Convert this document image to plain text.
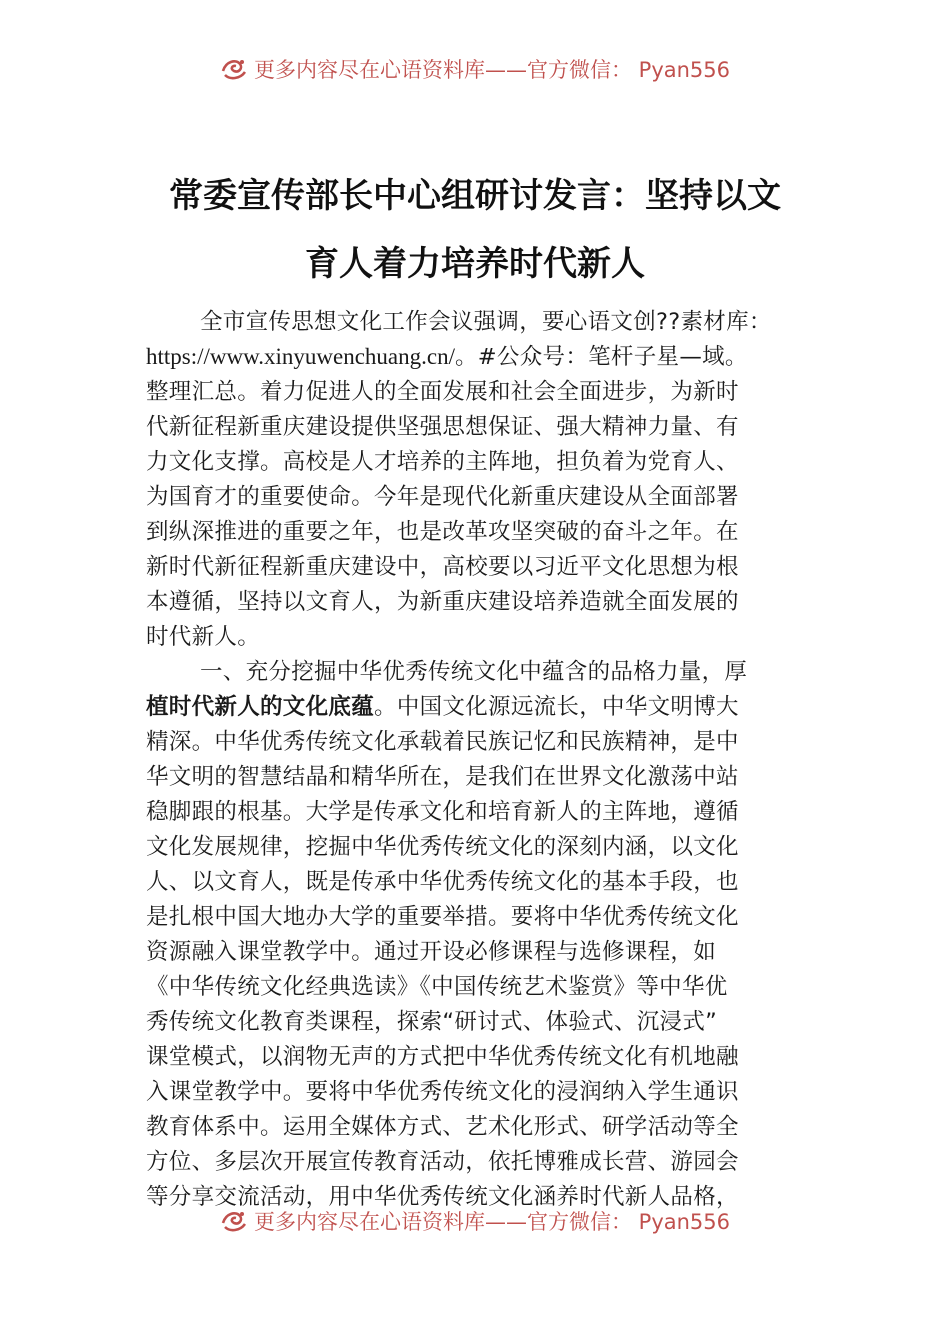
更多内容尽在心语资料库——官方微信： Pyan556
常委宣传部长中心组研讨发言：坚持以文
育人着力培养时代新人
全市宣传思想文化工作会议强调，要心语文创??素材库：
https://www.xinyuwenchuang.cn/。#公众号：笔杆子星—域。
整理汇总。着力促进人的全面发展和社会全面进步，为新时
代新征程新重庆建设提供坚强思想保证、强大精神力量、有
力文化支撑。高校是人才培养的主阵地，担负着为党育人、
为国育才的重要使命。今年是现代化新重庆建设从全面部署
到纵深推进的重要之年，也是改革攻坚突破的奋斗之年。在
新时代新征程新重庆建设中，高校要以习近平文化思想为根
本遵循，坚持以文育人，为新重庆建设培养造就全面发展的
时代新人。
一、充分挖掘中华优秀传统文化中蕴含的品格力量，厚
植时代新人的文化底蕴。中国文化源远流长，中华文明博大
精深。中华优秀传统文化承载着民族记忆和民族精神，是中
华文明的智慧结晶和精华所在，是我们在世界文化激荡中站
稳脚跟的根基。大学是传承文化和培育新人的主阵地，遵循
文化发展规律，挖掘中华优秀传统文化的深刻内涵，以文化
人、以文育人，既是传承中华优秀传统文化的基本手段，也
是扎根中国大地办大学的重要举措。要将中华优秀传统文化
资源融入课堂教学中。通过开设必修课程与选修课程，如
《中华传统文化经典选读》《中国传统艺术鉴赏》等中华优
秀传统文化教育类课程，探索“研讨式、体验式、沉浸式”
课堂模式，以润物无声的方式把中华优秀传统文化有机地融
入课堂教学中。要将中华优秀传统文化的浸润纳入学生通识
教育体系中。运用全媒体方式、艺术化形式、研学活动等全
方位、多层次开展宣传教育活动，依托博雅成长营、游园会
等分享交流活动，用中华优秀传统文化涵养时代新人品格，
更多内容尽在心语资料库——官方微信： Pyan556
